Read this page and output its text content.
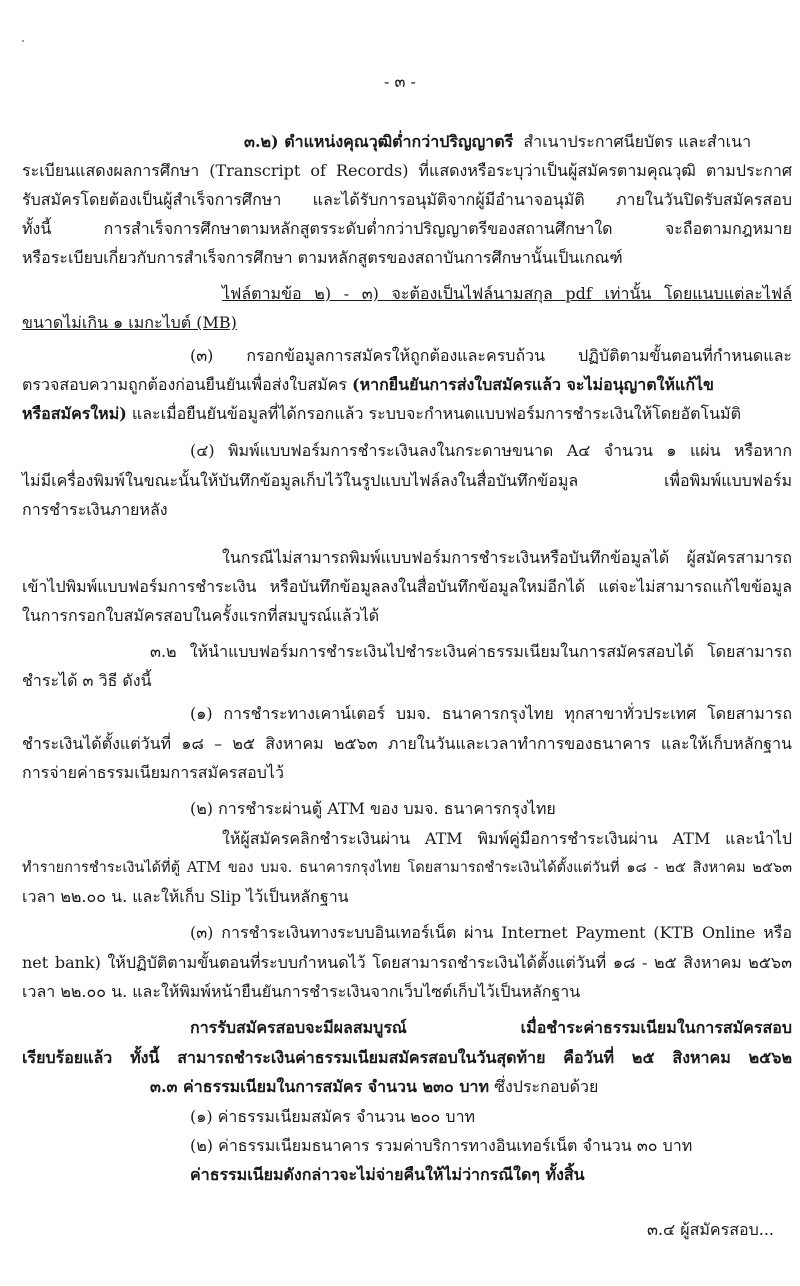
- ๓ -
๓.๒) ตำแหน่งคุณวุฒิต่ำกว่าปริญญาตรี สำเนาประกาศนียบัตร และสำเนา
ระเบียนแสดงผลการศึกษา (Transcript of Records) ที่แสดงหรือระบุว่าเป็นผู้สมัครตามคุณวุฒิ ตามประกาศ
รับสมัครโดยต้องเป็นผู้สำเร็จการศึกษา และได้รับการอนุมัติจากผู้มีอำนาจอนุมัติ ภายในวันปิดรับสมัครสอบ
ทั้งนี้ การสำเร็จการศึกษาตามหลักสูตรระดับต่ำกว่าปริญญาตรีของสถานศึกษาใด จะถือตามกฎหมาย
หรือระเบียบเกี่ยวกับการสำเร็จการศึกษา ตามหลักสูตรของสถาบันการศึกษานั้นเป็นเกณฑ์
ไฟล์ตามข้อ ๒) - ๓) จะต้องเป็นไฟล์นามสกุล pdf เท่านั้น โดยแนบแต่ละไฟล์
ขนาดไม่เกิน ๑ เมกะไบต์ (MB)
(๓) กรอกข้อมูลการสมัครให้ถูกต้องและครบถ้วน ปฏิบัติตามขั้นตอนที่กำหนดและ
ตรวจสอบความถูกต้องก่อนยืนยันเพื่อส่งใบสมัคร (หากยืนยันการส่งใบสมัครแล้ว จะไม่อนุญาตให้แก้ไข
หรือสมัครใหม่) และเมื่อยืนยันข้อมูลที่ได้กรอกแล้ว ระบบจะกำหนดแบบฟอร์มการชำระเงินให้โดยอัตโนมัติ
(๔) พิมพ์แบบฟอร์มการชำระเงินลงในกระดาษขนาด A๔ จำนวน ๑ แผ่น หรือหาก
ไม่มีเครื่องพิมพ์ในขณะนั้นให้บันทึกข้อมูลเก็บไว้ในรูปแบบไฟล์ลงในสื่อบันทึกข้อมูล เพื่อพิมพ์แบบฟอร์ม
การชำระเงินภายหลัง
ในกรณีไม่สามารถพิมพ์แบบฟอร์มการชำระเงินหรือบันทึกข้อมูลได้ ผู้สมัครสามารถ
เข้าไปพิมพ์แบบฟอร์มการชำระเงิน หรือบันทึกข้อมูลลงในสื่อบันทึกข้อมูลใหม่อีกได้ แต่จะไม่สามารถแก้ไขข้อมูล
ในการกรอกใบสมัครสอบในครั้งแรกที่สมบูรณ์แล้วได้
๓.๒ ให้นำแบบฟอร์มการชำระเงินไปชำระเงินค่าธรรมเนียมในการสมัครสอบได้ โดยสามารถ
ชำระได้ ๓ วิธี ดังนี้
(๑) การชำระทางเคาน์เตอร์ บมจ. ธนาคารกรุงไทย ทุกสาขาทั่วประเทศ โดยสามารถ
ชำระเงินได้ตั้งแต่วันที่ ๑๘ – ๒๕ สิงหาคม ๒๕๖๓ ภายในวันและเวลาทำการของธนาคาร และให้เก็บหลักฐาน
การจ่ายค่าธรรมเนียมการสมัครสอบไว้
(๒) การชำระผ่านตู้ ATM ของ บมจ. ธนาคารกรุงไทย
ให้ผู้สมัครคลิกชำระเงินผ่าน ATM พิมพ์คู่มือการชำระเงินผ่าน ATM และนำไป
ทำรายการชำระเงินได้ที่ตู้ ATM ของ บมจ. ธนาคารกรุงไทย โดยสามารถชำระเงินได้ตั้งแต่วันที่ ๑๘ - ๒๕ สิงหาคม ๒๕๖๓
เวลา ๒๒.๐๐ น. และให้เก็บ Slip ไว้เป็นหลักฐาน
(๓) การชำระเงินทางระบบอินเทอร์เน็ต ผ่าน Internet Payment (KTB Online หรือ
net bank) ให้ปฏิบัติตามขั้นตอนที่ระบบกำหนดไว้ โดยสามารถชำระเงินได้ตั้งแต่วันที่ ๑๘ - ๒๕ สิงหาคม ๒๕๖๓
เวลา ๒๒.๐๐ น. และให้พิมพ์หน้ายืนยันการชำระเงินจากเว็บไซต์เก็บไว้เป็นหลักฐาน
การรับสมัครสอบจะมีผลสมบูรณ์ เมื่อชำระค่าธรรมเนียมในการสมัครสอบ
เรียบร้อยแล้ว ทั้งนี้ สามารถชำระเงินค่าธรรมเนียมสมัครสอบในวันสุดท้าย คือวันที่ ๒๕ สิงหาคม ๒๕๖๒
๓.๓ ค่าธรรมเนียมในการสมัคร จำนวน ๒๓๐ บาท ซึ่งประกอบด้วย
(๑) ค่าธรรมเนียมสมัคร จำนวน ๒๐๐ บาท
(๒) ค่าธรรมเนียมธนาคาร รวมค่าบริการทางอินเทอร์เน็ต จำนวน ๓๐ บาท
ค่าธรรมเนียมดังกล่าวจะไม่จ่ายคืนให้ไม่ว่ากรณีใดๆ ทั้งสิ้น
๓.๔ ผู้สมัครสอบ...
